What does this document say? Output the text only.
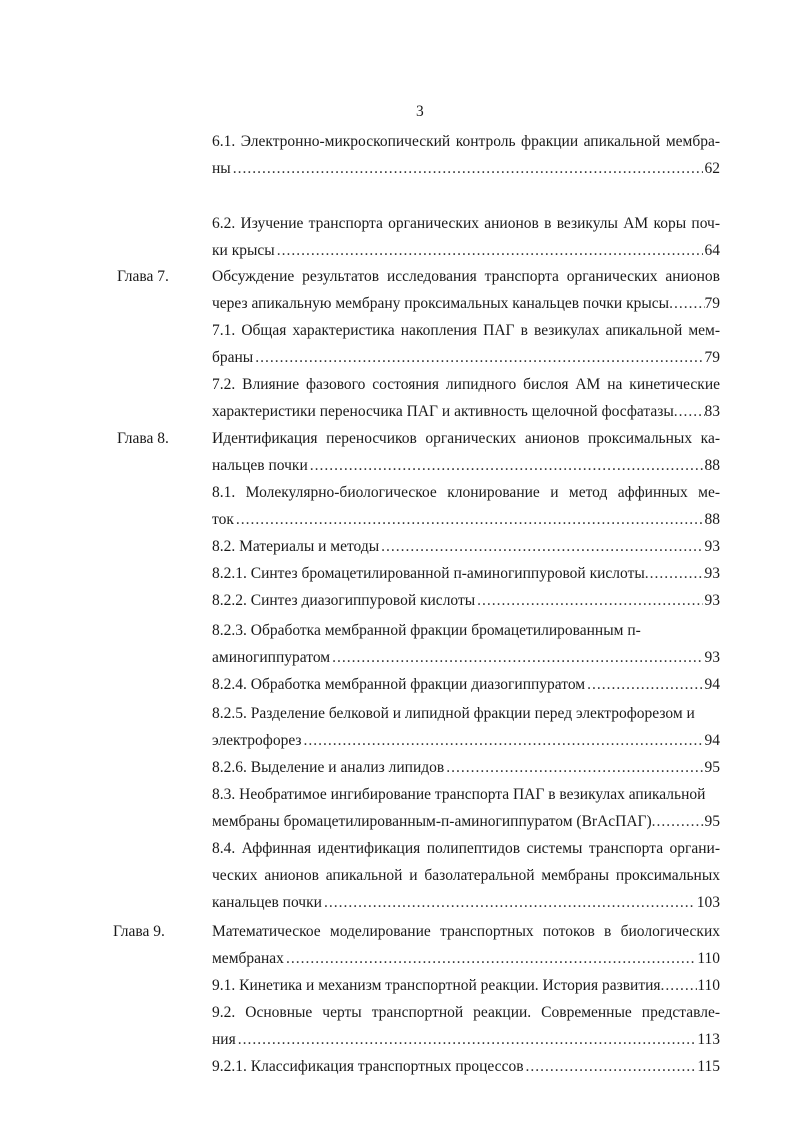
3
6.1. Электронно-микроскопический контроль фракции апикальной мембра-
ны .....	62
6.2. Изучение транспорта органических анионов в везикулы АМ коры поч-
ки крысы .....	64
Глава 7.	Обсуждение результатов исследования транспорта органических анионов
через апикальную мембрану проксимальных канальцев почки крысы ..... 79
7.1. Общая характеристика накопления ПАГ в везикулах апикальной мем-
браны .....	79
7.2. Влияние фазового состояния липидного бислоя АМ на кинетические
характеристики переносчика ПАГ и активность щелочной фосфатазы ..... 83
Глава 8.	Идентификация переносчиков органических анионов проксимальных ка-
нальцев почки .....	88
8.1. Молекулярно-биологическое клонирование и метод аффинных ме-
ток .....	88
8.2. Материалы и методы .....	93
8.2.1. Синтез бромацетилированной п-аминогиппуровой кислоты .....	93
8.2.2. Синтез диазогиппуровой кислоты .....	93
8.2.3. Обработка мембранной фракции бромацетилированным п-
аминогиппуратом .....	93
8.2.4. Обработка мембранной фракции диазогиппуратом .....	94
8.2.5. Разделение белковой и липидной фракции перед электрофорезом и
электрофорез .....	94
8.2.6. Выделение и анализ липидов .....	95
8.3. Необратимое ингибирование транспорта ПАГ в везикулах апикальной
мембраны бромацетилированным-п-аминогиппуратом (BrAcПАГ) .....	95
8.4. Аффинная идентификация полипептидов системы транспорта органи-
ческих анионов апикальной и базолатеральной мембраны проксимальных
канальцев почки .....	103
Глава 9.	Математическое моделирование транспортных потоков в биологических
мембранах .....	110
9.1. Кинетика и механизм транспортной реакции. История развития ..... 110
9.2. Основные черты транспортной реакции. Современные представле-
ния .....	113
9.2.1. Классификация транспортных процессов .....	115
